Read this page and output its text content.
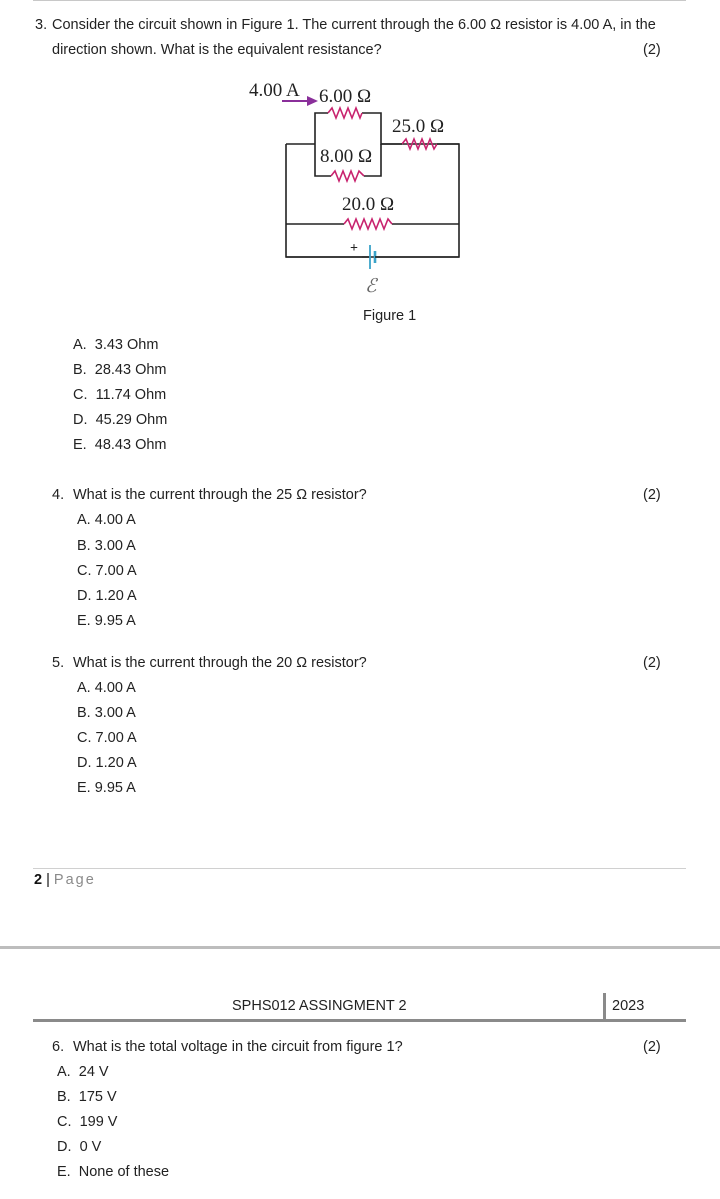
3. Consider the circuit shown in Figure 1. The current through the 6.00 Ω resistor is 4.00 A, in the
direction shown. What is the equivalent resistance?	(2)
4.00 A 6.00 Ω
25.0 Ω
8.00 Ω
20.0 Ω
+
ℰ
Figure 1
A. 3.43 Ohm
B. 28.43 Ohm
C. 11.74 Ohm
D. 45.29 Ohm
E. 48.43 Ohm
4. What is the current through the 25 Ω resistor?	(2)
A. 4.00 A
B. 3.00 A
C. 7.00 A
D. 1.20 A
E. 9.95 A
5. What is the current through the 20 Ω resistor?	(2)
A. 4.00 A
B. 3.00 A
C. 7.00 A
D. 1.20 A
E. 9.95 A
2 | Page
SPHS012 ASSINGMENT 2	2023
6. What is the total voltage in the circuit from figure 1?	(2)
A. 24 V
B. 175 V
C. 199 V
D. 0 V
E. None of these
